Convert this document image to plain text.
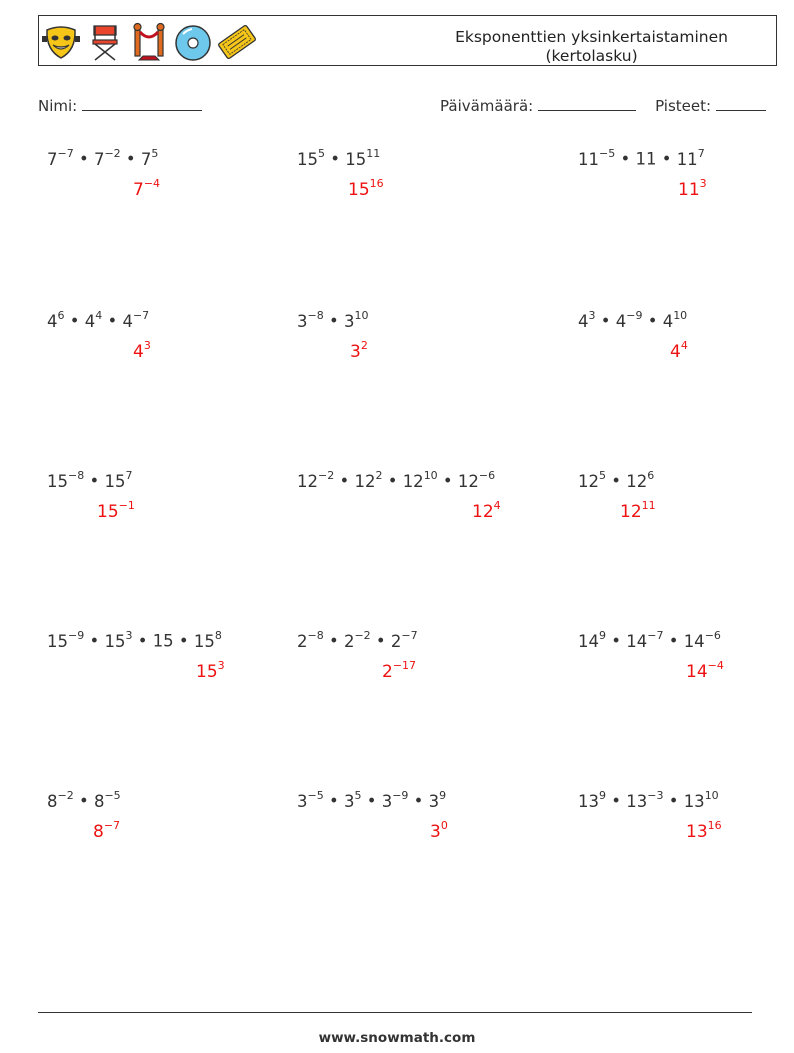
Eksponenttien yksinkertaistaminen
(kertolasku)
Nimi:	Päivämäärä:	Pisteet:
$7^{-7}$ • $7^{-2}$ • $7^5$
$7^{-4}$
$15^5$ • $15^{11}$
$15^{16}$
$11^{-5}$ • 11 • $11^7$
$11^3$
$4^6$ • $4^4$ • $4^{-7}$
$4^3$
$3^{-8}$ • $3^{10}$
$3^2$
$4^3$ • $4^{-9}$ • $4^{10}$
$4^4$
$15^{-8}$ • $15^7$
$15^{-1}$
$12^{-2}$ • $12^2$ • $12^{10}$ • $12^{-6}$
$12^4$
$12^5$ • $12^6$
$12^{11}$
$15^{-9}$ • $15^3$ • 15 • $15^8$
$15^3$
$2^{-8}$ • $2^{-2}$ • $2^{-7}$
$2^{-17}$
$14^9$ • $14^{-7}$ • $14^{-6}$
$14^{-4}$
$8^{-2}$ • $8^{-5}$
$8^{-7}$
$3^{-5}$ • $3^5$ • $3^{-9}$ • $3^9$
$3^0$
$13^9$ • $13^{-3}$ • $13^{10}$
$13^{16}$
www.snowmath.com
